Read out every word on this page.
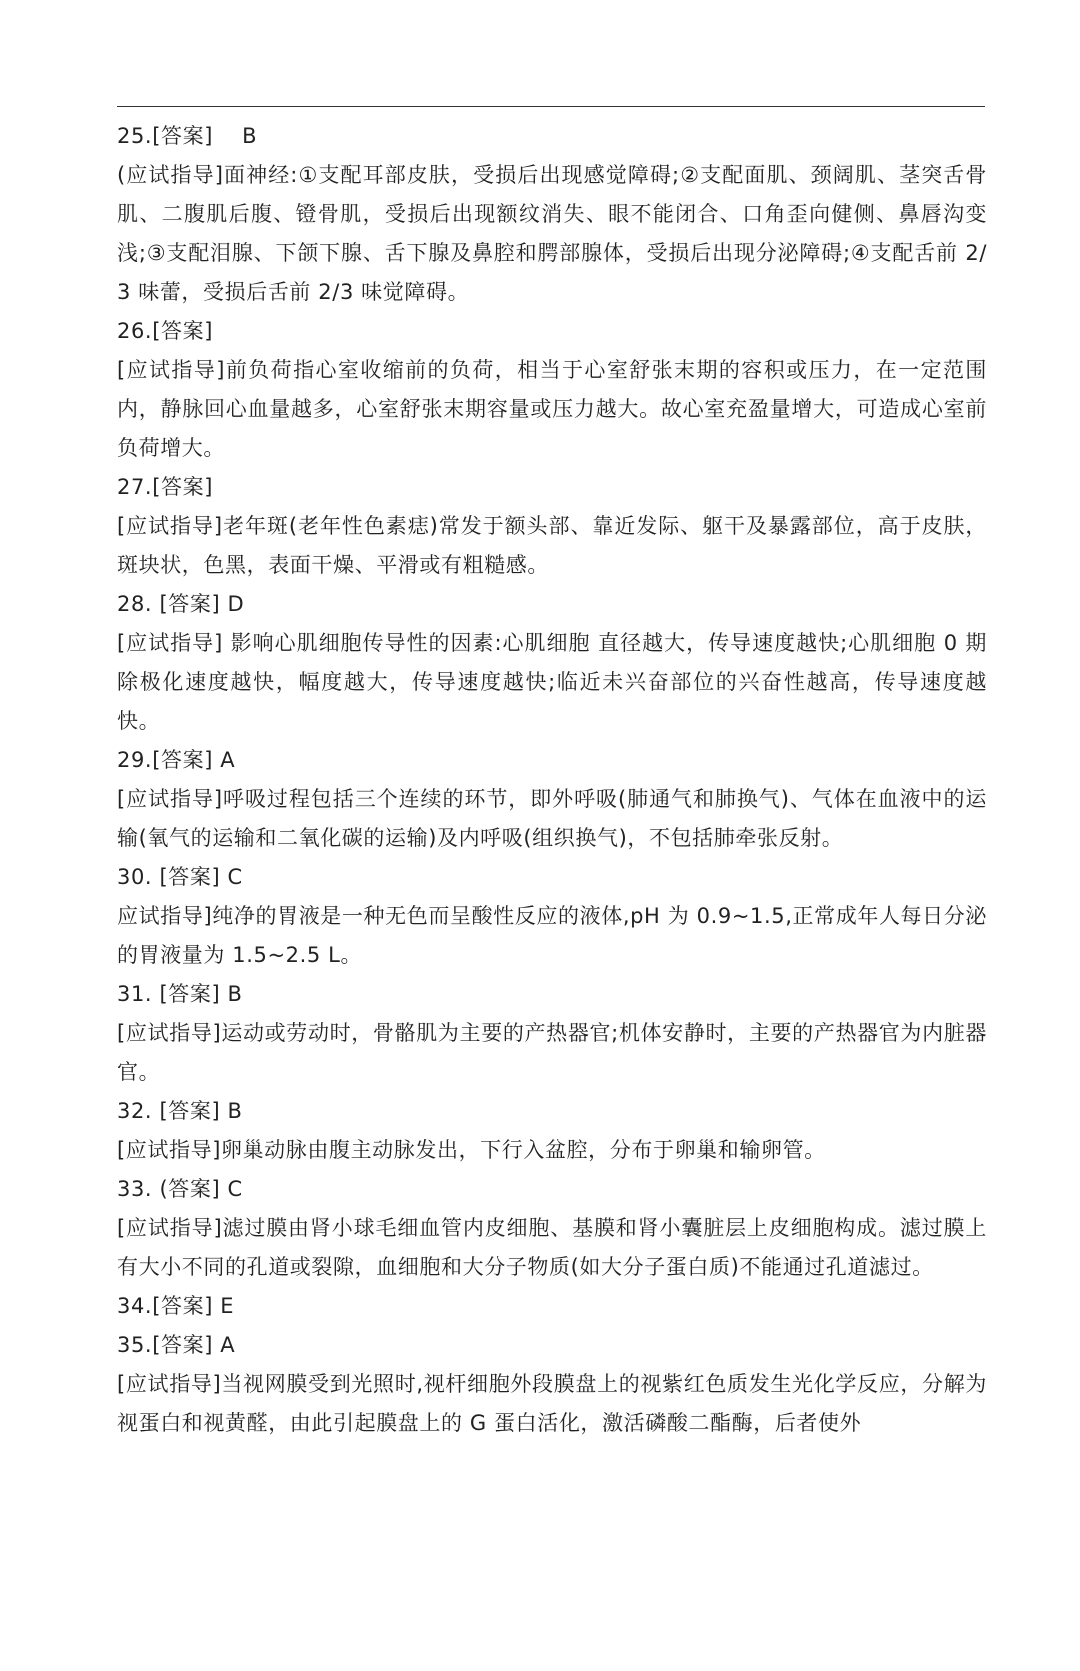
25.[答案]    B

(应试指导]面神经:①支配耳部皮肤，受损后出现感觉障碍;②支配面肌、颈阔肌、茎突舌骨肌、二腹肌后腹、镫骨肌，受损后出现额纹消失、眼不能闭合、口角歪向健侧、鼻唇沟变浅;③支配泪腺、下颌下腺、舌下腺及鼻腔和腭部腺体，受损后出现分泌障碍;④支配舌前 2/3 味蕾，受损后舌前 2/3 味觉障碍。

26.[答案]

[应试指导]前负荷指心室收缩前的负荷，相当于心室舒张末期的容积或压力，在一定范围内，静脉回心血量越多，心室舒张末期容量或压力越大。故心室充盈量增大，可造成心室前负荷增大。

27.[答案]

[应试指导]老年斑(老年性色素痣)常发于额头部、靠近发际、躯干及暴露部位，高于皮肤，斑块状，色黑，表面干燥、平滑或有粗糙感。

28. [答案] D

[应试指导] 影响心肌细胞传导性的因素:心肌细胞 直径越大，传导速度越快;心肌细胞 0 期除极化速度越快，幅度越大，传导速度越快;临近未兴奋部位的兴奋性越高，传导速度越快。

29.[答案] A

[应试指导]呼吸过程包括三个连续的环节，即外呼吸(肺通气和肺换气)、气体在血液中的运输(氧气的运输和二氧化碳的运输)及内呼吸(组织换气)，不包括肺牵张反射。

30. [答案] C

应试指导]纯净的胃液是一种无色而呈酸性反应的液体,pH 为 0.9~1.5,正常成年人每日分泌的胃液量为 1.5~2.5 L。

31. [答案] B

[应试指导]运动或劳动时，骨骼肌为主要的产热器官;机体安静时，主要的产热器官为内脏器官。

32. [答案] B

[应试指导]卵巢动脉由腹主动脉发出，下行入盆腔，分布于卵巢和输卵管。

33. (答案] C

[应试指导]滤过膜由肾小球毛细血管内皮细胞、基膜和肾小囊脏层上皮细胞构成。滤过膜上有大小不同的孔道或裂隙，血细胞和大分子物质(如大分子蛋白质)不能通过孔道滤过。

34.[答案] E

35.[答案] A

[应试指导]当视网膜受到光照时,视杆细胞外段膜盘上的视紫红色质发生光化学反应，分解为视蛋白和视黄醛，由此引起膜盘上的 G 蛋白活化，激活磷酸二酯酶，后者使外
